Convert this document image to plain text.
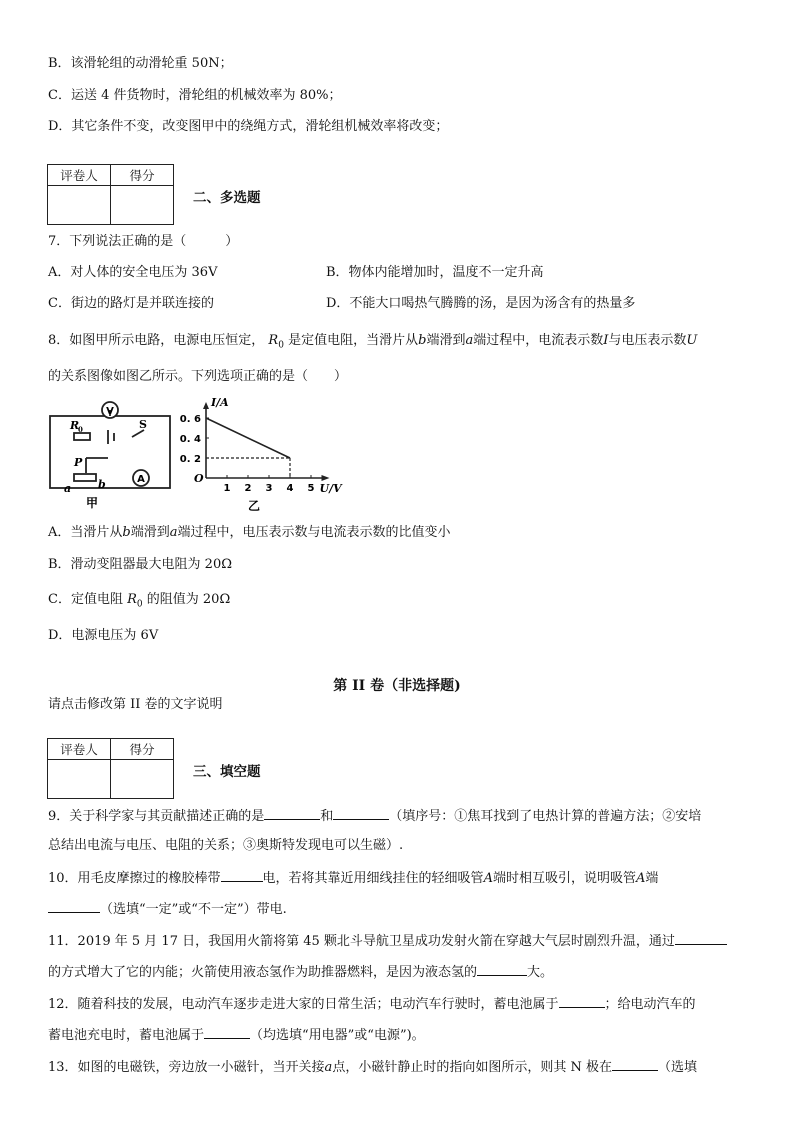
B．该滑轮组的动滑轮重 50N；
C．运送 4 件货物时，滑轮组的机械效率为 80%；
D．其它条件不变，改变图甲中的绕绳方式，滑轮组机械效率将改变；
评卷人	得分

二、多选题
7．下列说法正确的是（　　　）
A．对人体的安全电压为 36V	B．物体内能增加时，温度不一定升高
C．街边的路灯是并联连接的	D．不能大口喝热气腾腾的汤，是因为汤含有的热量多
8．如图甲所示电路，电源电压恒定， $R_0$ 是定值电阻，当滑片从b端滑到a端过程中，电流表示数I与电压表示数U
的关系图像如图乙所示。下列选项正确的是（　　）
V
A
R
0	S
P
a b
甲
I/A
U/V
O
1 2 3 4 5
0. 2
0. 4
0. 6
乙
A．当滑片从b端滑到a端过程中，电压表示数与电流表示数的比值变小
B．滑动变阻器最大电阻为 20Ω
C．定值电阻 $R_0$ 的阻值为 20Ω
D．电源电压为 6V
第 II 卷（非选择题)
请点击修改第 II 卷的文字说明
评卷人	得分

三、填空题
9．关于科学家与其贡献描述正确的是	和	（填序号：①焦耳找到了电热计算的普遍方法；②安培
总结出电流与电压、电阻的关系；③奥斯特发现电可以生磁）.
10．用毛皮摩擦过的橡胶棒带	电，若将其靠近用细线挂住的轻细吸管A端时相互吸引，说明吸管A端
（选填“一定”或“不一定”）带电.
11．2019 年 5 月 17 日，我国用火箭将第 45 颗北斗导航卫星成功发射火箭在穿越大气层时剧烈升温，通过
的方式增大了它的内能；火箭使用液态氢作为助推器燃料，是因为液态氢的	大。
12．随着科技的发展，电动汽车逐步走进大家的日常生活；电动汽车行驶时，蓄电池属于	；给电动汽车的
蓄电池充电时，蓄电池属于	（均选填“用电器”或“电源”)。
13．如图的电磁铁，旁边放一小磁针，当开关接a点，小磁针静止时的指向如图所示，则其 N 极在	（选填
